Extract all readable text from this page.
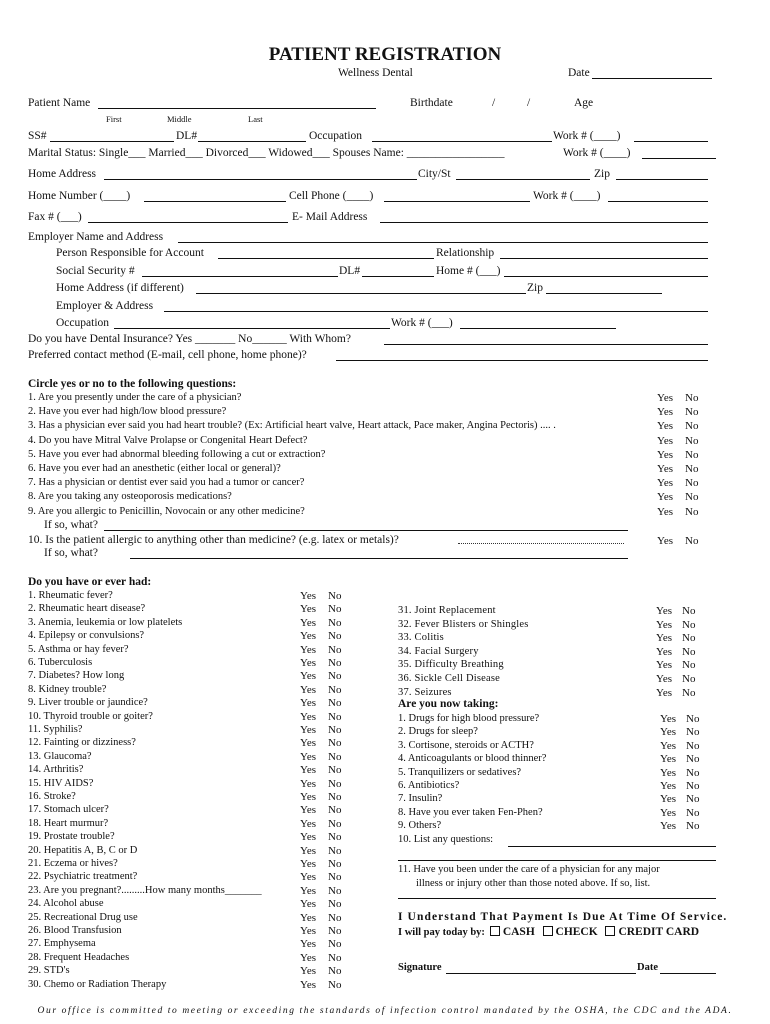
PATIENT REGISTRATION
Wellness Dental	Date
Patient Name	Birthdate	/	/	Age
First	Middle	Last
SS#	DL#	Occupation	Work # (____)
Marital Status: Single___ Married___ Divorced___ Widowed___ Spouses Name: _________________	Work # (____)
Home Address	City/St	Zip
Home Number (____)	Cell Phone (____)	Work # (____)
Fax # (___)	E- Mail Address
Employer Name and Address
Person Responsible for Account	Relationship
Social Security #	DL#	Home # (___)
Home Address (if different)	Zip
Employer & Address
Occupation	Work # (___)
Do you have Dental Insurance? Yes _______ No______ With Whom?
Preferred contact method (E-mail, cell phone, home phone)?
Circle yes or no to the following questions:
1. Are you presently under the care of a physician?	Yes No
2. Have you ever had high/low blood pressure?	Yes No
3. Has a physician ever said you had heart trouble? (Ex: Artificial heart valve, Heart attack, Pace maker, Angina Pectoris) .... .	Yes No
4. Do you have Mitral Valve Prolapse or Congenital Heart Defect?	Yes No
5. Have you ever had abnormal bleeding following a cut or extraction?	Yes No
6. Have you ever had an anesthetic (either local or general)?	Yes No
7. Has a physician or dentist ever said you had a tumor or cancer?	Yes No
8. Are you taking any osteoporosis medications?	Yes No
9. Are you allergic to Penicillin, Novocain or any other medicine?	Yes No
If so, what?
10. Is the patient allergic to anything other than medicine? (e.g. latex or metals)?	Yes No
If so, what?
Do you have or ever had:
1. Rheumatic fever?	Yes No
2. Rheumatic heart disease?	Yes No
3. Anemia, leukemia or low platelets	Yes No
4. Epilepsy or convulsions?	Yes No
5. Asthma or hay fever?	Yes No
6. Tuberculosis	Yes No
7. Diabetes? How long	Yes No
8. Kidney trouble?	Yes No
9. Liver trouble or jaundice?	Yes No
10. Thyroid trouble or goiter?	Yes No
11. Syphilis?	Yes No
12. Fainting or dizziness?	Yes No
13. Glaucoma?	Yes No
14. Arthritis?	Yes No
15. HIV AIDS?	Yes No
16. Stroke?	Yes No
17. Stomach ulcer?	Yes No
18. Heart murmur?	Yes No
19. Prostate trouble?	Yes No
20. Hepatitis A, B, C or D	Yes No
21. Eczema or hives?	Yes No
22. Psychiatric treatment?	Yes No
23. Are you pregnant?.........How many months_______	Yes No
24. Alcohol abuse	Yes No
25. Recreational Drug use	Yes No
26. Blood Transfusion	Yes No
27. Emphysema	Yes No
28. Frequent Headaches	Yes No
29. STD's	Yes No
30. Chemo or Radiation Therapy	Yes No
31. Joint Replacement	Yes No
32. Fever Blisters or Shingles	Yes No
33. Colitis	Yes No
34. Facial Surgery	Yes No
35. Difficulty Breathing	Yes No
36. Sickle Cell Disease	Yes No
37. Seizures	Yes No
Are you now taking:
1. Drugs for high blood pressure?	Yes No
2. Drugs for sleep?	Yes No
3. Cortisone, steroids or ACTH?	Yes No
4. Anticoagulants or blood thinner?	Yes No
5. Tranquilizers or sedatives?	Yes No
6. Antibiotics?	Yes No
7. Insulin?	Yes No
8. Have you ever taken Fen-Phen?	Yes No
9. Others?	Yes No
10. List any questions:
11. Have you been under the care of a physician for any major
illness or injury other than those noted above. If so, list.
I Understand That Payment Is Due At Time Of Service.
I will pay today by: CASH CHECK CREDIT CARD
Signature	Date
Our office is committed to meeting or exceeding the standards of infection control mandated by the OSHA, the CDC and the ADA.
